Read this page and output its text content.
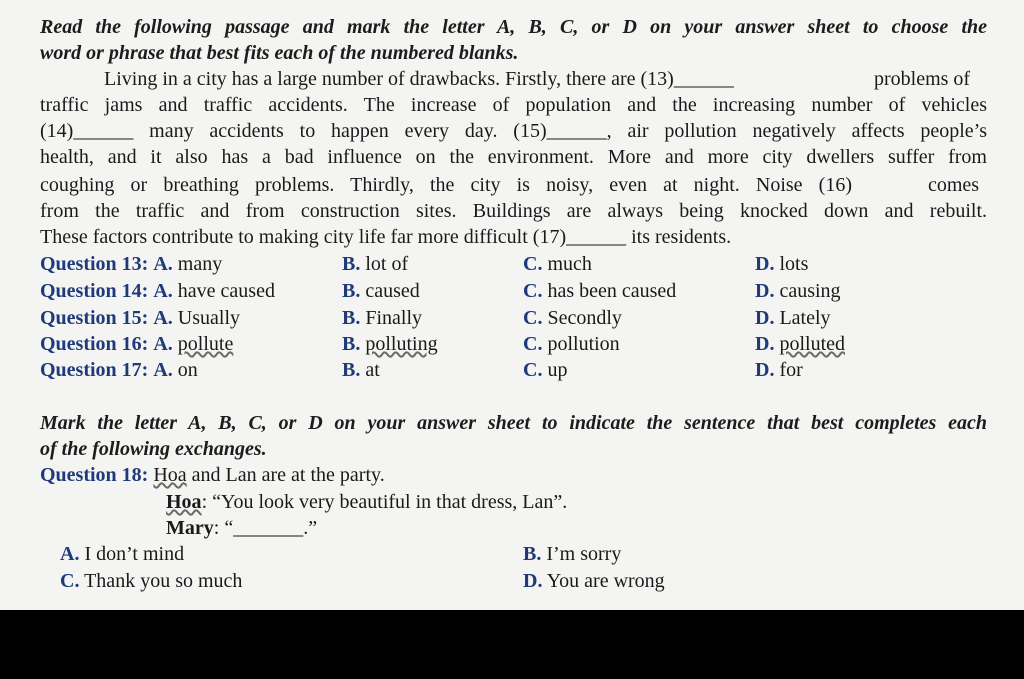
Read the following passage and mark the letter A, B, C, or D on your answer sheet to choose the
word or phrase that best fits each of the numbered blanks.
Living in a city has a large number of drawbacks. Firstly, there are (13)______	problems of
traffic jams and traffic accidents. The increase of population and the increasing number of vehicles
(14)______ many accidents to happen every day. (15)______, air pollution negatively affects people’s
health, and it also has a bad influence on the environment. More and more city dwellers suffer from
coughing or breathing problems. Thirdly, the city is noisy, even at night. Noise (16)	comes
from the traffic and from construction sites. Buildings are always being knocked down and rebuilt.
These factors contribute to making city life far more difficult (17)______ its residents.
Question 13: A. many	B. lot of	C. much	D. lots
Question 14: A. have caused	B. caused	C. has been caused	D. causing
Question 15: A. Usually	B. Finally	C. Secondly	D. Lately
Question 16: A. pollute	B. polluting	C. pollution	D. polluted
Question 17: A. on	B. at	C. up	D. for
Mark the letter A, B, C, or D on your answer sheet to indicate the sentence that best completes each
of the following exchanges.
Question 18: Hoa and Lan are at the party.
Hoa: “You look very beautiful in that dress, Lan”.
Mary: “_______.”
A. I don’t mind	B. I’m sorry
C. Thank you so much	D. You are wrong
